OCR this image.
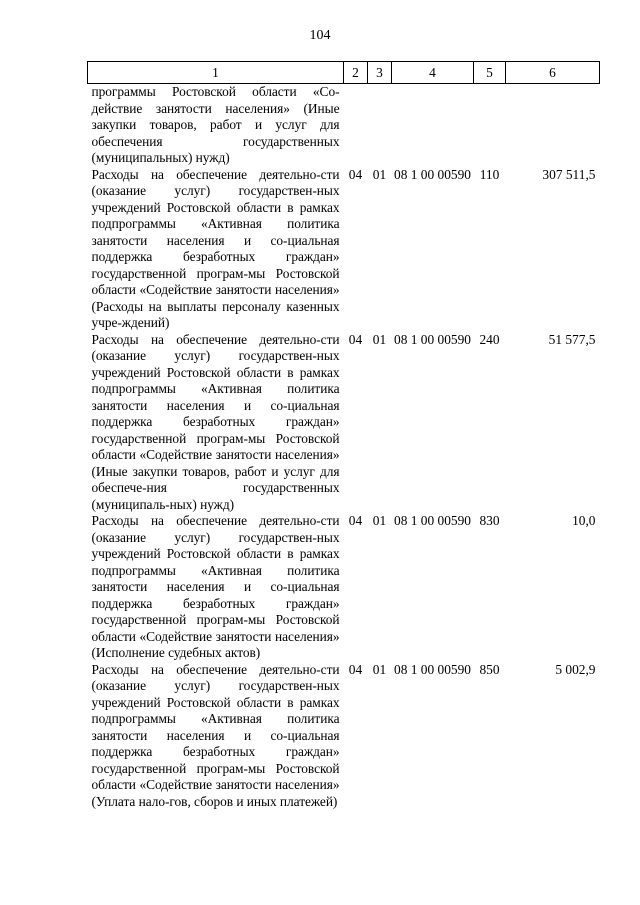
104
1	2	3	4	5	6
программы Ростовской области «Со-действие занятости населения» (Иные закупки товаров, работ и услуг для обеспечения государственных (муниципальных) нужд)					
Расходы на обеспечение деятельно-сти (оказание услуг) государствен-ных учреждений Ростовской области в рамках подпрограммы «Активная политика занятости населения и со-циальная поддержка безработных граждан» государственной програм-мы Ростовской области «Содействие занятости населения» (Расходы на выплаты персоналу казенных учре-ждений)	04	01	08 1 00 00590	110	307 511,5
Расходы на обеспечение деятельно-сти (оказание услуг) государствен-ных учреждений Ростовской области в рамках подпрограммы «Активная политика занятости населения и со-циальная поддержка безработных граждан» государственной програм-мы Ростовской области «Содействие занятости населения» (Иные закупки товаров, работ и услуг для обеспече-ния государственных (муниципаль-ных) нужд)	04	01	08 1 00 00590	240	51 577,5
Расходы на обеспечение деятельно-сти (оказание услуг) государствен-ных учреждений Ростовской области в рамках подпрограммы «Активная политика занятости населения и со-циальная поддержка безработных граждан» государственной програм-мы Ростовской области «Содействие занятости населения» (Исполнение судебных актов)	04	01	08 1 00 00590	830	10,0
Расходы на обеспечение деятельно-сти (оказание услуг) государствен-ных учреждений Ростовской области в рамках подпрограммы «Активная политика занятости населения и со-циальная поддержка безработных граждан» государственной програм-мы Ростовской области «Содействие занятости населения» (Уплата нало-гов, сборов и иных платежей)	04	01	08 1 00 00590	850	5 002,9
